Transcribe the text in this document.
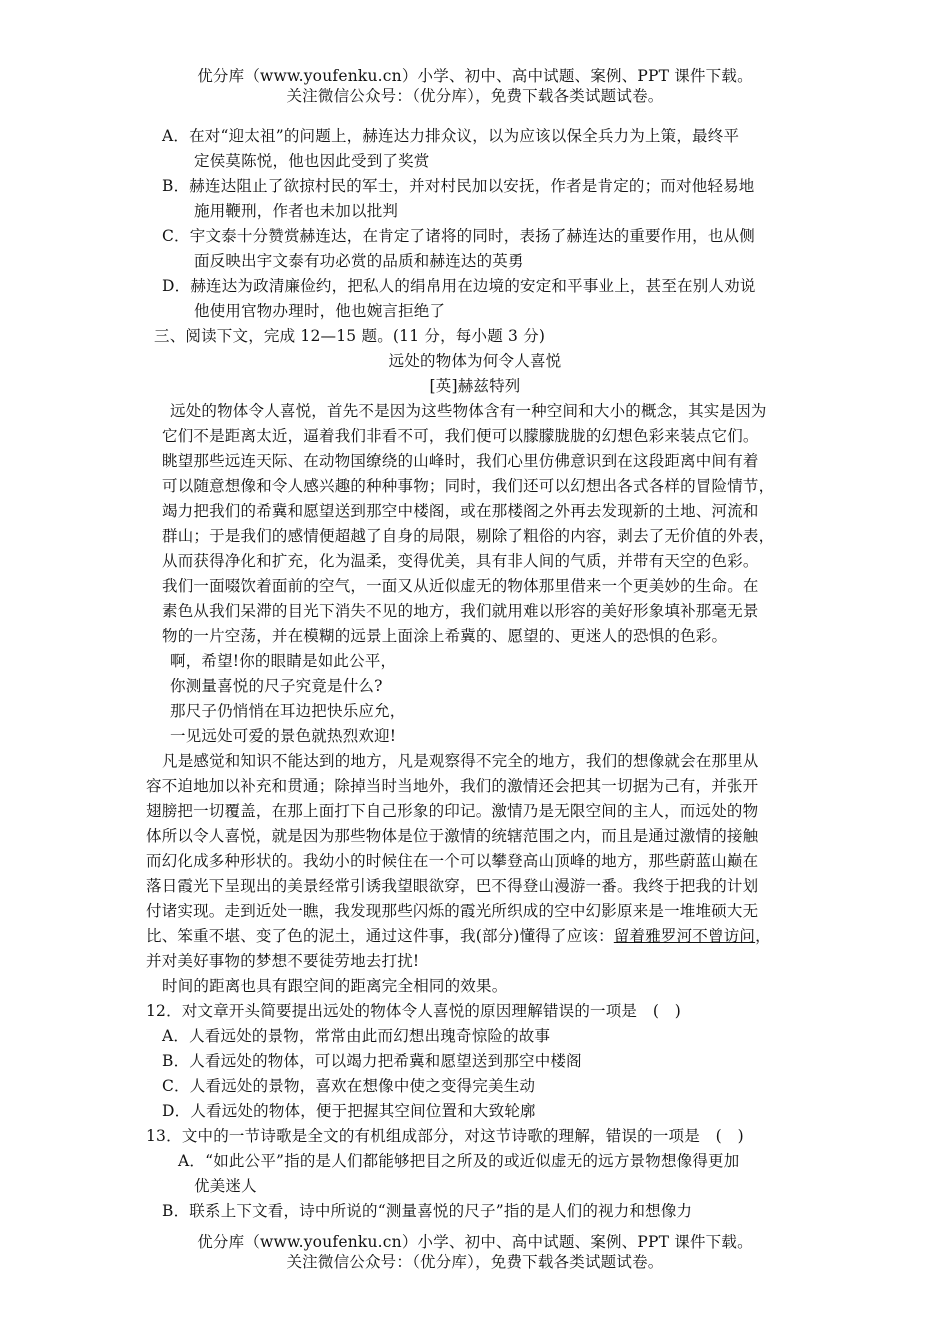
优分库（www.youfenku.cn）小学、初中、高中试题、案例、PPT 课件下载。
关注微信公众号：（优分库），免费下载各类试题试卷。
A．在对“迎太祖”的问题上，赫连达力排众议，以为应该以保全兵力为上策，最终平
定侯莫陈悦，他也因此受到了奖赏
B．赫连达阻止了欲掠村民的军士，并对村民加以安抚，作者是肯定的；而对他轻易地
施用鞭刑，作者也未加以批判
C．宇文泰十分赞赏赫连达，在肯定了诸将的同时，表扬了赫连达的重要作用，也从侧
面反映出宇文泰有功必赏的品质和赫连达的英勇
D．赫连达为政清廉俭约，把私人的绢帛用在边境的安定和平事业上，甚至在别人劝说
他使用官物办理时，他也婉言拒绝了
三、阅读下文，完成 12—15 题。(11 分，每小题 3 分)
远处的物体为何令人喜悦
[英]赫兹特列
远处的物体令人喜悦，首先不是因为这些物体含有一种空间和大小的概念，其实是因为
它们不是距离太近，逼着我们非看不可，我们便可以朦朦胧胧的幻想色彩来装点它们。
眺望那些远连天际、在动物国缭绕的山峰时，我们心里仿佛意识到在这段距离中间有着
可以随意想像和令人感兴趣的种种事物；同时，我们还可以幻想出各式各样的冒险情节，
竭力把我们的希冀和愿望送到那空中楼阁，或在那楼阁之外再去发现新的土地、河流和
群山；于是我们的感情便超越了自身的局限，剔除了粗俗的内容，剥去了无价值的外表，
从而获得净化和扩充，化为温柔，变得优美，具有非人间的气质，并带有天空的色彩。
我们一面啜饮着面前的空气，一面又从近似虚无的物体那里借来一个更美妙的生命。在
素色从我们呆滞的目光下消失不见的地方，我们就用难以形容的美好形象填补那毫无景
物的一片空荡，并在模糊的远景上面涂上希冀的、愿望的、更迷人的恐惧的色彩。
啊，希望!你的眼睛是如此公平，
你测量喜悦的尺子究竟是什么?
那尺子仍悄悄在耳边把快乐应允，
一见远处可爱的景色就热烈欢迎!
凡是感觉和知识不能达到的地方，凡是观察得不完全的地方，我们的想像就会在那里从
容不迫地加以补充和贯通；除掉当时当地外，我们的激情还会把其一切据为己有，并张开
翅膀把一切覆盖，在那上面打下自己形象的印记。激情乃是无限空间的主人，而远处的物
体所以令人喜悦，就是因为那些物体是位于激情的统辖范围之内，而且是通过激情的接触
而幻化成多种形状的。我幼小的时候住在一个可以攀登高山顶峰的地方，那些蔚蓝山巅在
落日霞光下呈现出的美景经常引诱我望眼欲穿，巴不得登山漫游一番。我终于把我的计划
付诸实现。走到近处一瞧，我发现那些闪烁的霞光所织成的空中幻影原来是一堆堆硕大无
比、笨重不堪、变了色的泥土，通过这件事，我(部分)懂得了应该：留着雅罗河不曾访问，
并对美好事物的梦想不要徒劳地去打扰!
时间的距离也具有跟空间的距离完全相同的效果。
12．对文章开头简要提出远处的物体令人喜悦的原因理解错误的一项是　(　)
A．人看远处的景物，常常由此而幻想出瑰奇惊险的故事
B．人看远处的物体，可以竭力把希冀和愿望送到那空中楼阁
C．人看远处的景物，喜欢在想像中使之变得完美生动
D．人看远处的物体，便于把握其空间位置和大致轮廓
13．文中的一节诗歌是全文的有机组成部分，对这节诗歌的理解，错误的一项是　(　)
A．“如此公平”指的是人们都能够把目之所及的或近似虚无的远方景物想像得更加
优美迷人
B．联系上下文看，诗中所说的“测量喜悦的尺子”指的是人们的视力和想像力
优分库（www.youfenku.cn）小学、初中、高中试题、案例、PPT 课件下载。
关注微信公众号：（优分库），免费下载各类试题试卷。
